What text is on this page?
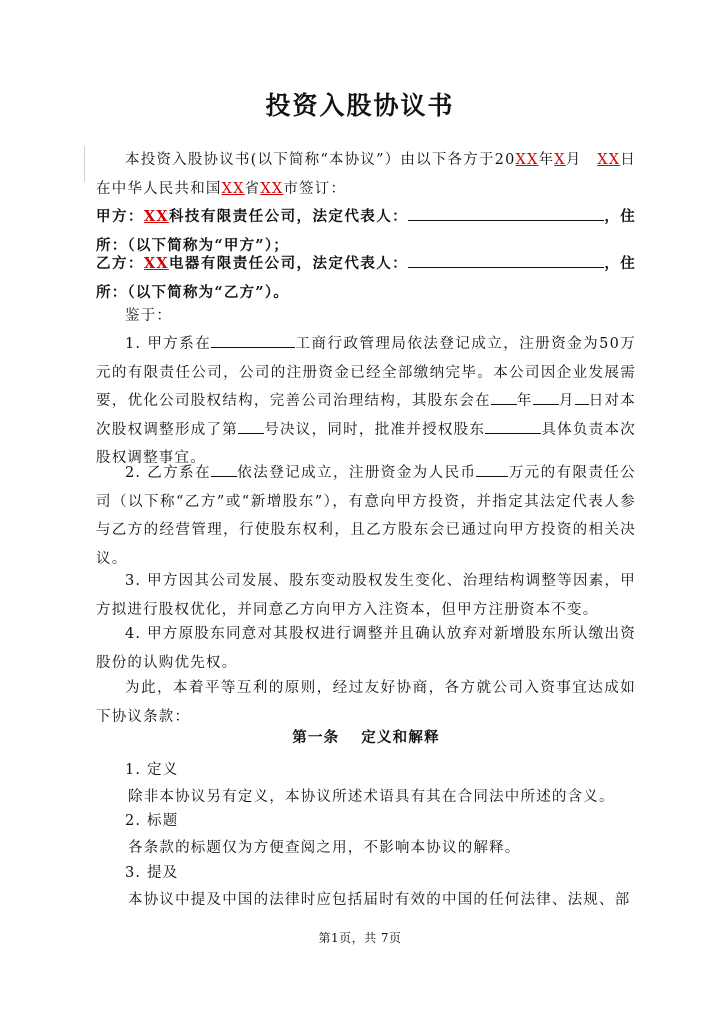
投资入股协议书
本投资入股协议书(以下简称“本协议”）由以下各方于20XX年X月　 XX日在中华人民共和国XX省XX市签订：
甲方：XX科技有限责任公司，法定代表人：	，住　所：（以下简称为“甲方”）；
乙方：XX电器有限责任公司，法定代表人：	，住　所：（以下简称为“乙方”）。
鉴于：
1. 甲方系在	工商行政管理局依法登记成立，注册资金为50万元的有限责任公司，公司的注册资金已经全部缴纳完毕。本公司因企业发展需要，优化公司股权结构，完善公司治理结构，其股东会在 年 月 日对本次股权调整形成了第 号决议，同时，批准并授权股东	具体负责本次股权调整事宜。
2. 乙方系在 依法登记成立，注册资金为人民币 万元的有限责任公司（以下称“乙方”或“新增股东”），有意向甲方投资，并指定其法定代表人参与乙方的经营管理，行使股东权利，且乙方股东会已通过向甲方投资的相关决议。
3. 甲方因其公司发展、股东变动股权发生变化、治理结构调整等因素，甲方拟进行股权优化，并同意乙方向甲方入注资本，但甲方注册资本不变。
4. 甲方原股东同意对其股权进行调整并且确认放弃对新增股东所认缴出资股份的认购优先权。
为此，本着平等互利的原则，经过友好协商，各方就公司入资事宜达成如下协议条款：
第一条　 定义和解释
1. 定义
除非本协议另有定义，本协议所述术语具有其在合同法中所述的含义。
2. 标题
各条款的标题仅为方便查阅之用，不影响本协议的解释。
3. 提及
本协议中提及中国的法律时应包括届时有效的中国的任何法律、法规、部
第1页，共 7页
